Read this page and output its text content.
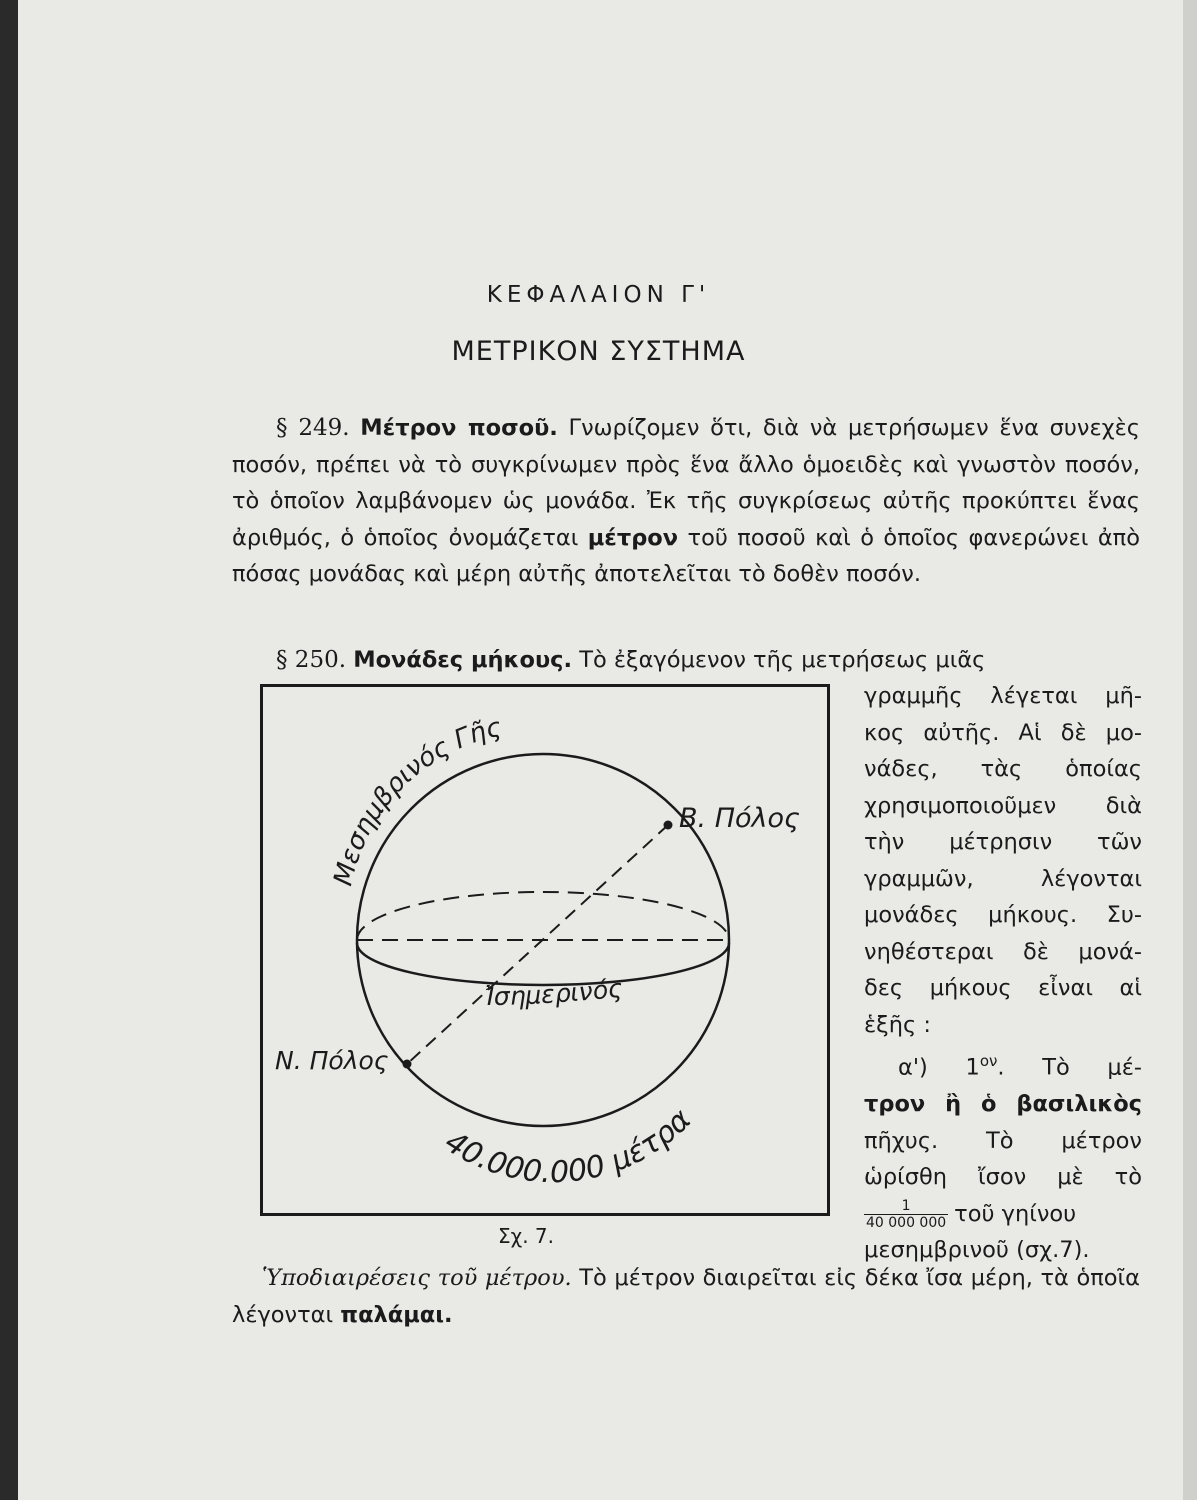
ΚΕΦΑΛΑΙΟΝ Γ'
ΜΕΤΡΙΚΟΝ ΣΥΣΤΗΜΑ
§ 249. Μέτρον ποσοῦ. Γνωρίζομεν ὅτι, διὰ νὰ μετρήσωμεν ἕνα συνεχὲς ποσόν, πρέπει νὰ τὸ συγκρίνωμεν πρὸς ἕνα ἄλλο ὁμοειδὲς καὶ γνωστὸν ποσόν, τὸ ὁποῖον λαμβάνομεν ὡς μονάδα. Ἐκ τῆς συγκρίσεως αὐτῆς προκύπτει ἕνας ἀριθμός, ὁ ὁποῖος ὀνομάζεται μέτρον τοῦ ποσοῦ καὶ ὁ ὁποῖος φανερώνει ἀπὸ πόσας μονάδας καὶ μέρη αὐτῆς ἀποτελεῖται τὸ δοθὲν ποσόν.
§ 250. Μονάδες μήκους. Τὸ ἐξαγόμενον τῆς μετρήσεως μιᾶς
γραμμῆς λέγεται μῆ-
κος αὐτῆς. Αἱ δὲ μο-
νάδες, τὰς ὁποίας
χρησιμοποιοῦμεν διὰ
τὴν μέτρησιν τῶν
γραμμῶν, λέγονται
μονάδες μήκους. Συ-
νηθέστεραι δὲ μονά-
δες μήκους εἶναι αἱ
ἑξῆς :
α') $1^{o\nu}$. Τὸ μέ-
τρον ἢ ὁ βασιλικὸς
πῆχυς. Τὸ μέτρον
ὡρίσθη ἴσον μὲ τὸ
$\frac{1}{40 000 000}$ τοῦ γηίνου
μεσημβρινοῦ (σχ.7).
Μεσημβρινός Γῆς
Β. Πόλος
Ἰσημερινός
Ν. Πόλος
40.000.000 μέτρα
Σχ. 7.
Ὑποδιαιρέσεις τοῦ μέτρου. Τὸ μέτρον διαιρεῖται εἰς δέκα ἴσα μέρη, τὰ ὁποῖα λέγονται παλάμαι.
